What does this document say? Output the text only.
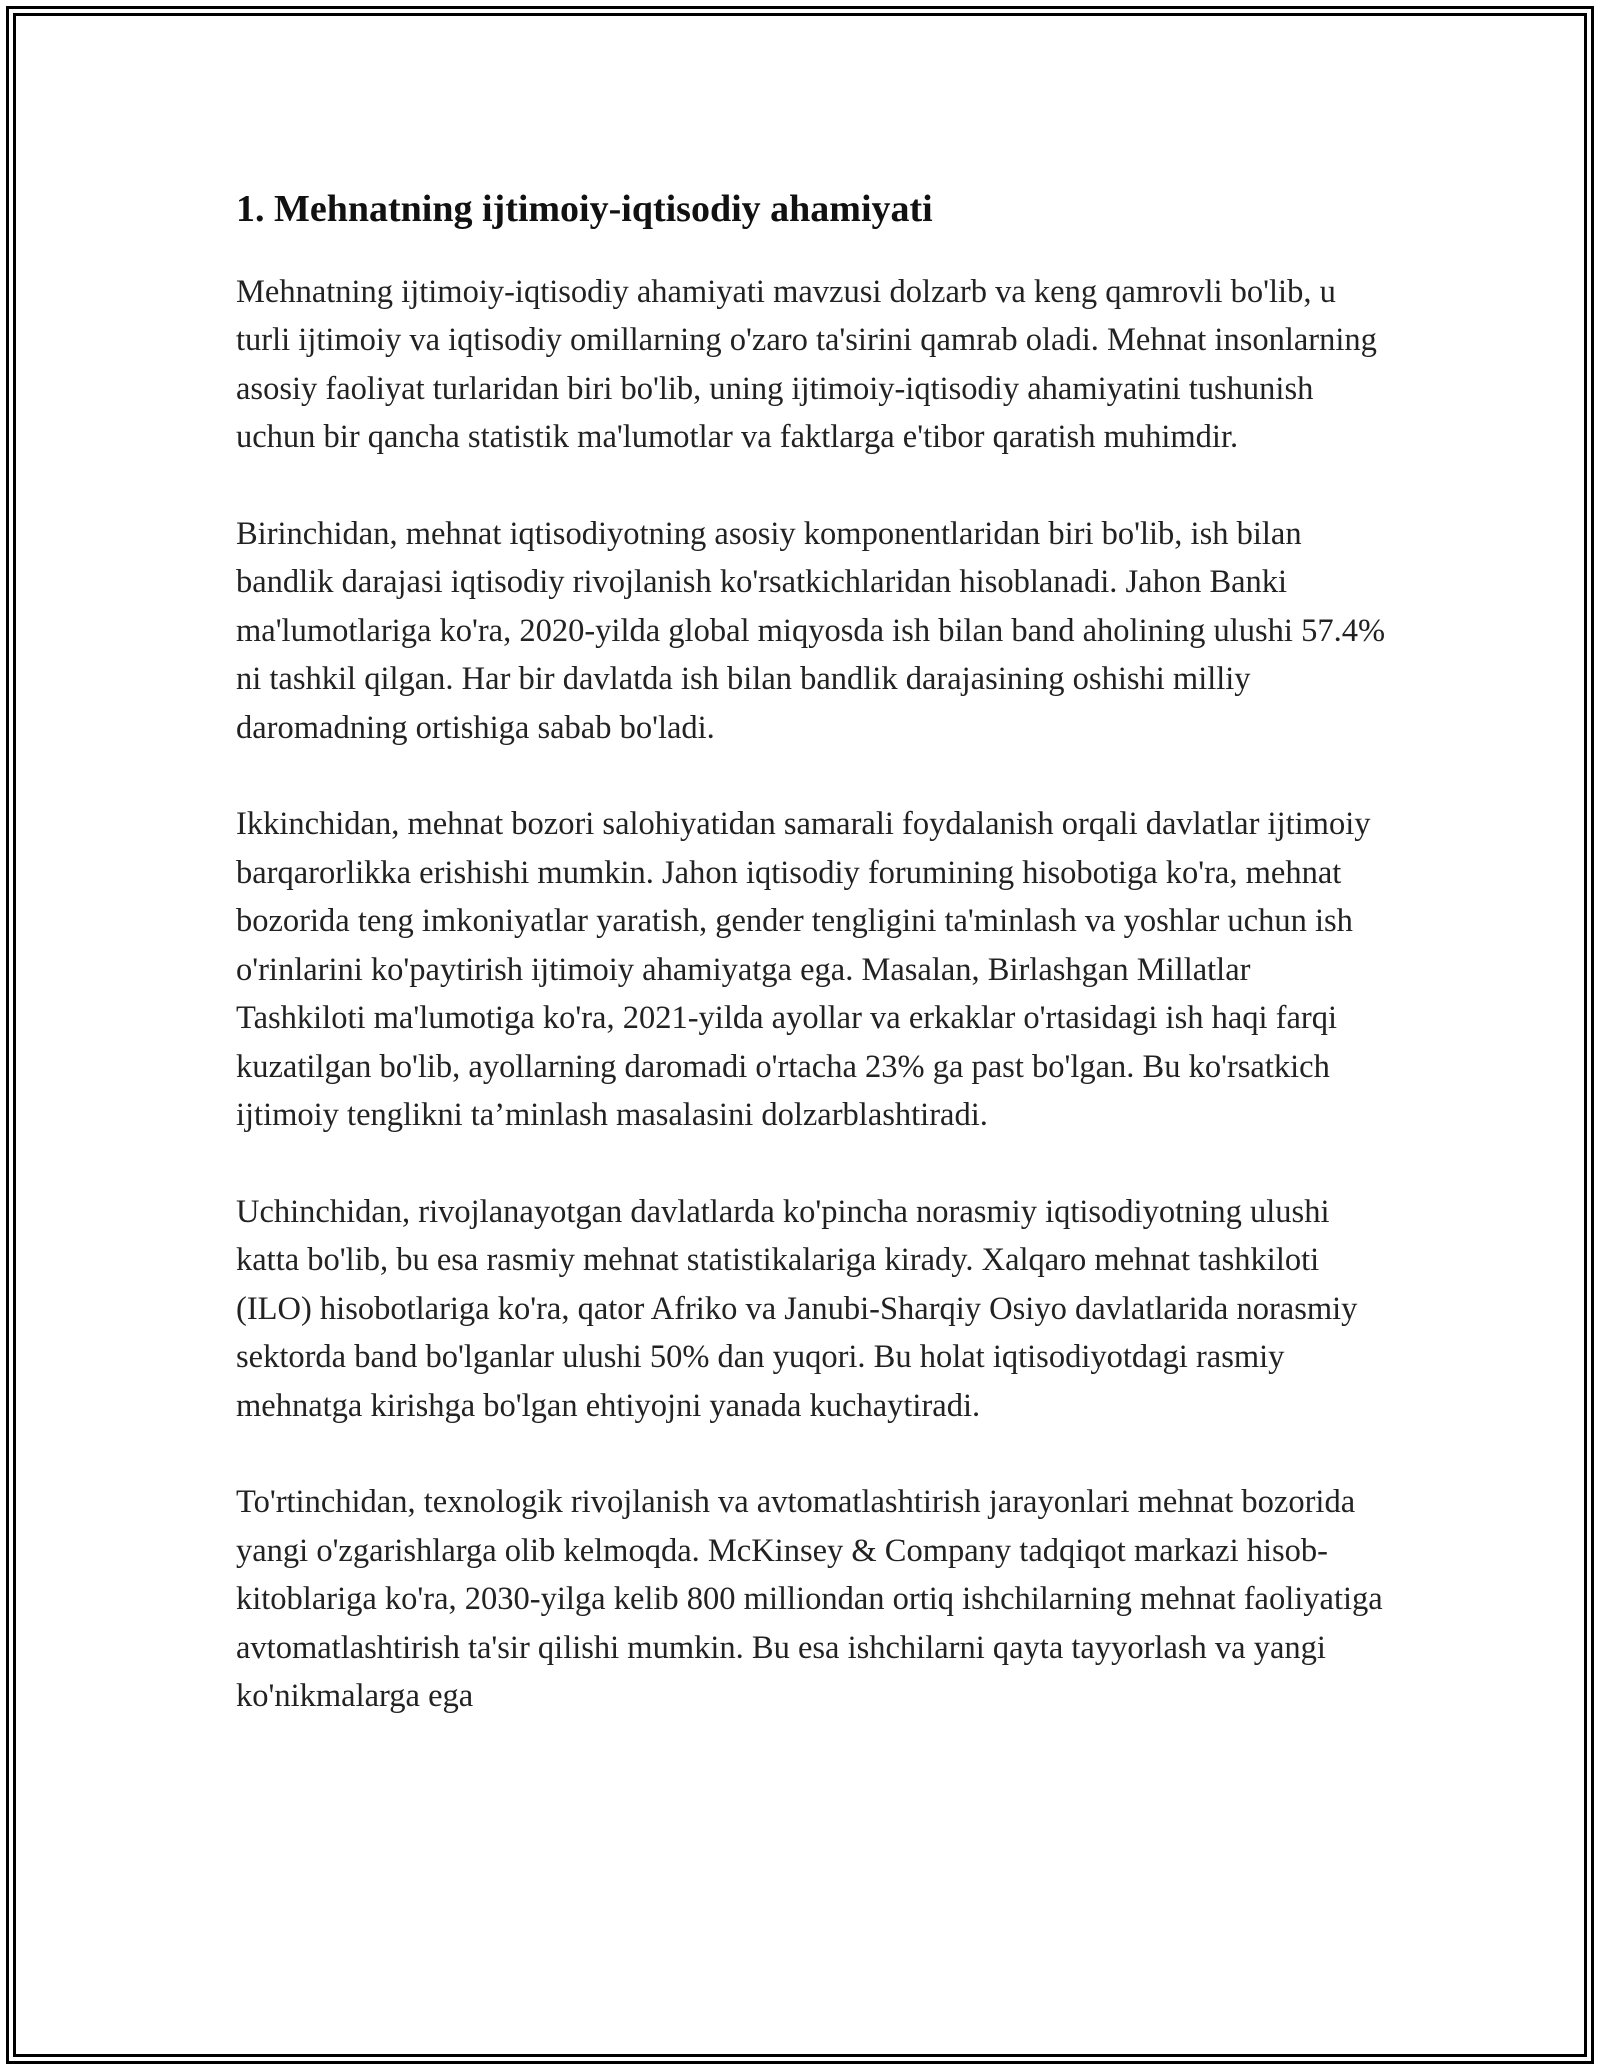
1. Mehnatning ijtimoiy-iqtisodiy ahamiyati

Mehnatning ijtimoiy-iqtisodiy ahamiyati mavzusi dolzarb va keng qamrovli bo'lib, u turli ijtimoiy va iqtisodiy omillarning o'zaro ta'sirini qamrab oladi. Mehnat insonlarning asosiy faoliyat turlaridan biri bo'lib, uning ijtimoiy-iqtisodiy ahamiyatini tushunish uchun bir qancha statistik ma'lumotlar va faktlarga e'tibor qaratish muhimdir.

Birinchidan, mehnat iqtisodiyotning asosiy komponentlaridan biri bo'lib, ish bilan bandlik darajasi iqtisodiy rivojlanish ko'rsatkichlaridan hisoblanadi. Jahon Banki ma'lumotlariga ko'ra, 2020-yilda global miqyosda ish bilan band aholining ulushi 57.4% ni tashkil qilgan. Har bir davlatda ish bilan bandlik darajasining oshishi milliy daromadning ortishiga sabab bo'ladi.

Ikkinchidan, mehnat bozori salohiyatidan samarali foydalanish orqali davlatlar ijtimoiy barqarorlikka erishishi mumkin. Jahon iqtisodiy forumining hisobotiga ko'ra, mehnat bozorida teng imkoniyatlar yaratish, gender tengligini ta'minlash va yoshlar uchun ish o'rinlarini ko'paytirish ijtimoiy ahamiyatga ega. Masalan, Birlashgan Millatlar Tashkiloti ma'lumotiga ko'ra, 2021-yilda ayollar va erkaklar o'rtasidagi ish haqi farqi kuzatilgan bo'lib, ayollarning daromadi o'rtacha 23% ga past bo'lgan. Bu ko'rsatkich ijtimoiy tenglikni ta’minlash masalasini dolzarblashtiradi.

Uchinchidan, rivojlanayotgan davlatlarda ko'pincha norasmiy iqtisodiyotning ulushi katta bo'lib, bu esa rasmiy mehnat statistikalariga kirady. Xalqaro mehnat tashkiloti (ILO) hisobotlariga ko'ra, qator Afriko va Janubi-Sharqiy Osiyo davlatlarida norasmiy sektorda band bo'lganlar ulushi 50% dan yuqori. Bu holat iqtisodiyotdagi rasmiy mehnatga kirishga bo'lgan ehtiyojni yanada kuchaytiradi.

To'rtinchidan, texnologik rivojlanish va avtomatlashtirish jarayonlari mehnat bozorida yangi o'zgarishlarga olib kelmoqda. McKinsey & Company tadqiqot markazi hisob-kitoblariga ko'ra, 2030-yilga kelib 800 milliondan ortiq ishchilarning mehnat faoliyatiga avtomatlashtirish ta'sir qilishi mumkin. Bu esa ishchilarni qayta tayyorlash va yangi ko'nikmalarga ega
